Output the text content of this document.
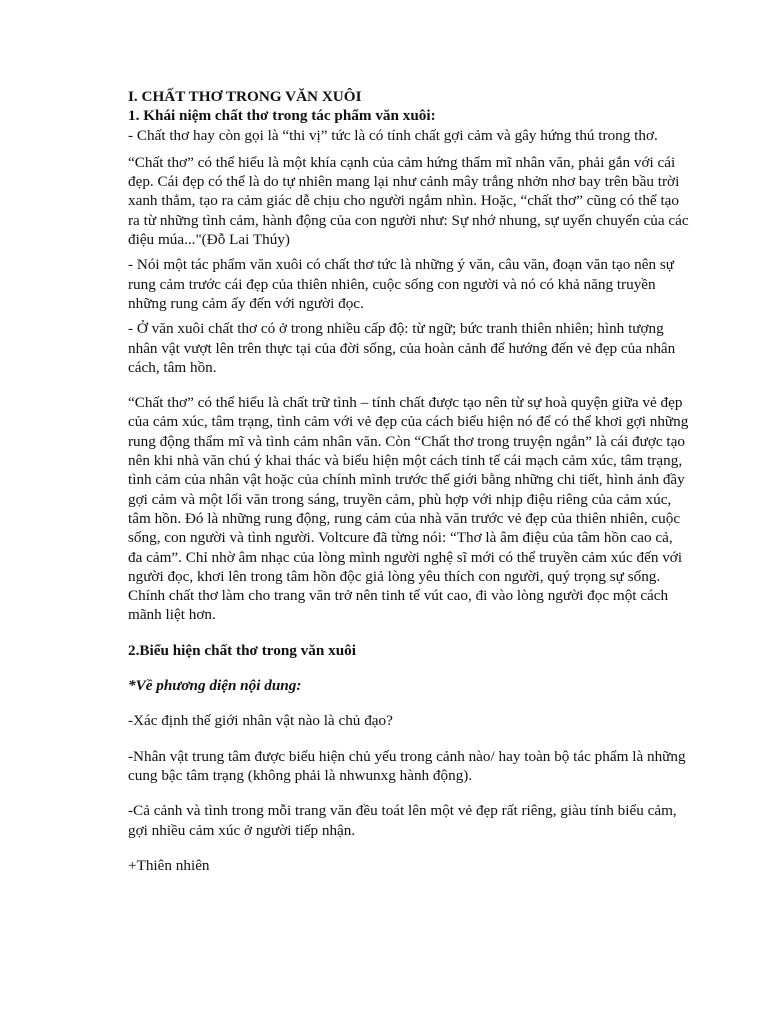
I. CHẤT THƠ TRONG VĂN XUÔI

1. Khái niệm chất thơ trong tác phẩm văn xuôi:

- Chất thơ hay còn gọi là “thi vị” tức là có tính chất gợi cảm và gây hứng thú trong thơ.

“Chất thơ” có thể hiểu là một khía cạnh của cảm hứng thẩm mĩ nhân văn, phải gắn với cái đẹp. Cái đẹp có thể là do tự nhiên mang lại như cảnh mây trắng nhởn nhơ bay trên bầu trời xanh thẳm, tạo ra cảm giác dễ chịu cho người ngắm nhìn. Hoặc, “chất thơ” cũng có thể tạo ra từ những tình cảm, hành động của con người như: Sự nhớ nhung, sự uyển chuyển của các điệu múa..."(Đỗ Lai Thúy)

- Nói một tác phẩm văn xuôi có chất thơ tức là những ý văn, câu văn, đoạn văn tạo nên sự rung cảm trước cái đẹp của thiên nhiên, cuộc sống con người và nó có khả năng truyền những rung cảm ấy đến với người đọc.

- Ở văn xuôi chất thơ có ở trong nhiều cấp độ: từ ngữ; bức tranh thiên nhiên; hình tượng nhân vật vượt lên trên thực tại của đời sống, của hoàn cảnh để hướng đến vẻ đẹp của nhân cách, tâm hồn.

“Chất thơ” có thể hiểu là chất trữ tình – tính chất được tạo nên từ sự hoà quyện giữa vẻ đẹp của cảm xúc, tâm trạng, tình cảm với vẻ đẹp của cách biểu hiện nó để có thể khơi gợi những rung động thẩm mĩ và tình cảm nhân văn. Còn “Chất thơ trong truyện ngắn” là cái được tạo nên khi nhà văn chú ý khai thác và biểu hiện một cách tinh tế cái mạch cảm xúc, tâm trạng, tình cảm của nhân vật hoặc của chính mình trước thế giới bằng những chi tiết, hình ảnh đầy gợi cảm và một lối văn trong sáng, truyền cảm, phù hợp với nhịp điệu riêng của cảm xúc, tâm hồn. Đó là những rung động, rung cảm của nhà văn trước vẻ đẹp của thiên nhiên, cuộc sống, con người và tình người. Voltcure đã từng nói: “Thơ là âm điệu của tâm hồn cao cả, đa cảm”. Chỉ nhờ âm nhạc của lòng mình người nghệ sĩ mới có thể truyền cảm xúc đến với người đọc, khơi lên trong tâm hồn độc giả lòng yêu thích con người, quý trọng sự sống. Chính chất thơ làm cho trang văn trở nên tinh tế vút cao, đi vào lòng người đọc một cách mãnh liệt hơn.

2.Biểu hiện chất thơ trong văn xuôi

*Về phương diện nội dung:

-Xác định thế giới nhân vật nào là chủ đạo?

-Nhân vật trung tâm được biểu hiện chủ yếu trong cảnh nào/ hay toàn bộ tác phẩm là những cung bậc tâm trạng (không phải là nhwunxg hành động).

-Cả cảnh và tình trong mỗi trang văn đều toát lên một vẻ đẹp rất riêng, giàu tính biểu cảm, gợi nhiều cảm xúc ở người tiếp nhận.

+Thiên nhiên
